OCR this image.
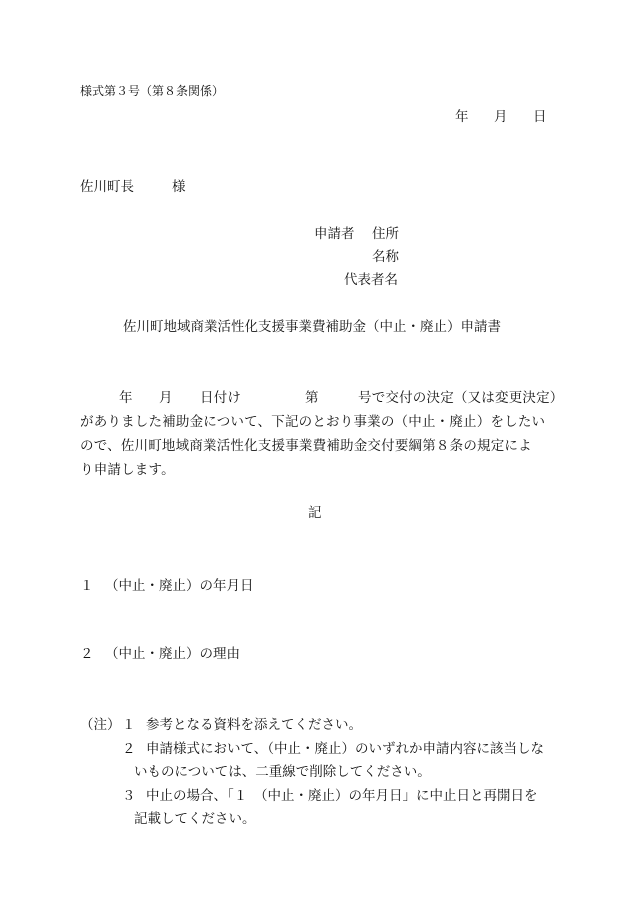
様式第３号（第８条関係）
年 月 日
佐川町長	様
申請者 住所
名称
代表者名
佐川町地域商業活性化支援事業費補助金（中止・廃止）申請書
年 月 日付け	第	号で交付の決定（又は変更決定）
がありました補助金について、下記のとおり事業の（中止・廃止）をしたい
ので、佐川町地域商業活性化支援事業費補助金交付要綱第８条の規定によ
り申請します。
記
１ （中止・廃止）の年月日
２ （中止・廃止）の理由
（注） １ 参考となる資料を添えてください。
２ 申請様式において、（中止・廃止）のいずれか申請内容に該当しな
いものについては、二重線で削除してください。
３ 中止の場合、「１　（中止・廃止）の年月日」に中止日と再開日を
記載してください。
